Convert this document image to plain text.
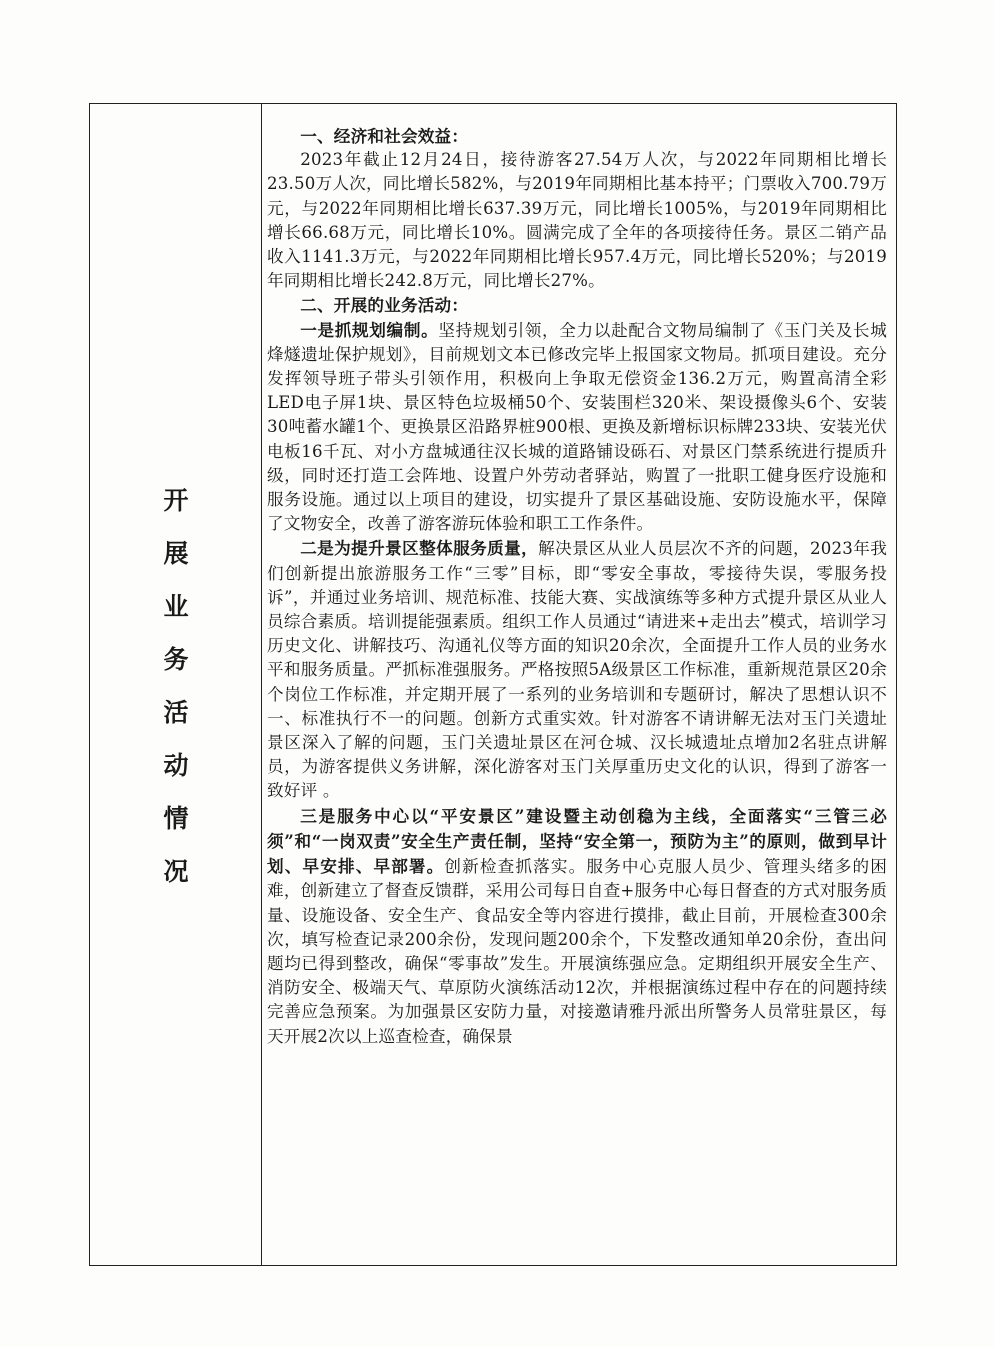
开
展
业
务
活
动
情
况

一、经济和社会效益：

2023年截止12月24日，接待游客27.54万人次，与2022年同期相比增长23.50万人次，同比增长582%，与2019年同期相比基本持平；门票收入700.79万元，与2022年同期相比增长637.39万元，同比增长1005%，与2019年同期相比增长66.68万元，同比增长10%。圆满完成了全年的各项接待任务。景区二销产品收入1141.3万元，与2022年同期相比增长957.4万元，同比增长520%；与2019年同期相比增长242.8万元，同比增长27%。

二、开展的业务活动：

一是抓规划编制。坚持规划引领，全力以赴配合文物局编制了《玉门关及长城烽燧遗址保护规划》，目前规划文本已修改完毕上报国家文物局。抓项目建设。充分发挥领导班子带头引领作用，积极向上争取无偿资金136.2万元，购置高清全彩LED电子屏1块、景区特色垃圾桶50个、安装围栏320米、架设摄像头6个、安装30吨蓄水罐1个、更换景区沿路界桩900根、更换及新增标识标牌233块、安装光伏电板16千瓦、对小方盘城通往汉长城的道路铺设砾石、对景区门禁系统进行提质升级，同时还打造工会阵地、设置户外劳动者驿站，购置了一批职工健身医疗设施和服务设施。通过以上项目的建设，切实提升了景区基础设施、安防设施水平，保障了文物安全，改善了游客游玩体验和职工工作条件。

二是为提升景区整体服务质量，解决景区从业人员层次不齐的问题，2023年我们创新提出旅游服务工作“三零”目标，即“零安全事故，零接待失误，零服务投诉”，并通过业务培训、规范标准、技能大赛、实战演练等多种方式提升景区从业人员综合素质。培训提能强素质。组织工作人员通过“请进来+走出去”模式，培训学习历史文化、讲解技巧、沟通礼仪等方面的知识20余次，全面提升工作人员的业务水平和服务质量。严抓标准强服务。严格按照5A级景区工作标准，重新规范景区20余个岗位工作标准，并定期开展了一系列的业务培训和专题研讨，解决了思想认识不一、标准执行不一的问题。创新方式重实效。针对游客不请讲解无法对玉门关遗址景区深入了解的问题，玉门关遗址景区在河仓城、汉长城遗址点增加2名驻点讲解员，为游客提供义务讲解，深化游客对玉门关厚重历史文化的认识，得到了游客一致好评 。

三是服务中心以“平安景区”建设暨主动创稳为主线，全面落实“三管三必须”和“一岗双责”安全生产责任制，坚持“安全第一，预防为主”的原则，做到早计划、早安排、早部署。创新检查抓落实。服务中心克服人员少、管理头绪多的困难，创新建立了督查反馈群，采用公司每日自查+服务中心每日督查的方式对服务质量、设施设备、安全生产、食品安全等内容进行摸排，截止目前，开展检查300余次，填写检查记录200余份，发现问题200余个，下发整改通知单20余份，查出问题均已得到整改，确保“零事故”发生。开展演练强应急。定期组织开展安全生产、消防安全、极端天气、草原防火演练活动12次，并根据演练过程中存在的问题持续完善应急预案。为加强景区安防力量，对接邀请雅丹派出所警务人员常驻景区，每天开展2次以上巡查检查，确保景
